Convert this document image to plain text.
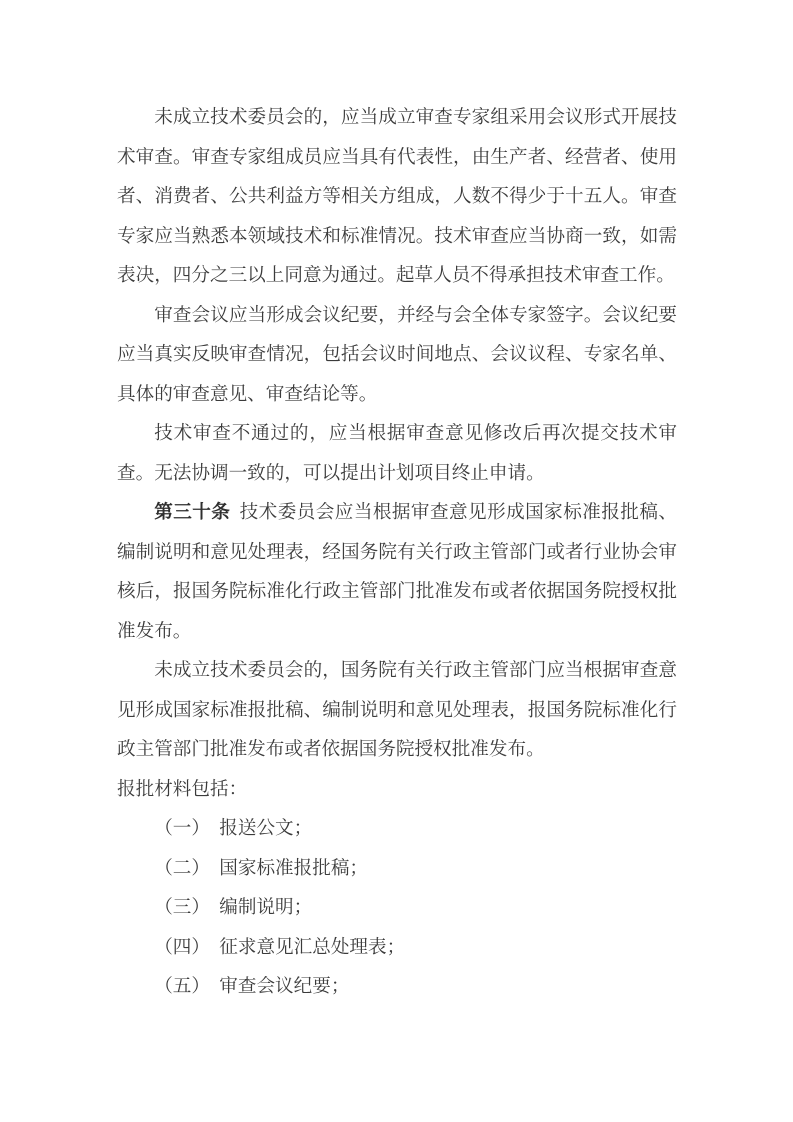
未成立技术委员会的，应当成立审查专家组采用会议形式开展技术审查。审查专家组成员应当具有代表性，由生产者、经营者、使用者、消费者、公共利益方等相关方组成，人数不得少于十五人。审查专家应当熟悉本领域技术和标准情况。技术审查应当协商一致，如需表决，四分之三以上同意为通过。起草人员不得承担技术审查工作。

审查会议应当形成会议纪要，并经与会全体专家签字。会议纪要应当真实反映审查情况，包括会议时间地点、会议议程、专家名单、具体的审查意见、审查结论等。

技术审查不通过的，应当根据审查意见修改后再次提交技术审查。无法协调一致的，可以提出计划项目终止申请。

第三十条 技术委员会应当根据审查意见形成国家标准报批稿、编制说明和意见处理表，经国务院有关行政主管部门或者行业协会审核后，报国务院标准化行政主管部门批准发布或者依据国务院授权批准发布。

未成立技术委员会的，国务院有关行政主管部门应当根据审查意见形成国家标准报批稿、编制说明和意见处理表，报国务院标准化行政主管部门批准发布或者依据国务院授权批准发布。

报批材料包括：

（一）　报送公文；

（二）　国家标准报批稿；

（三）　编制说明；

（四）　征求意见汇总处理表；

（五）　审查会议纪要；
